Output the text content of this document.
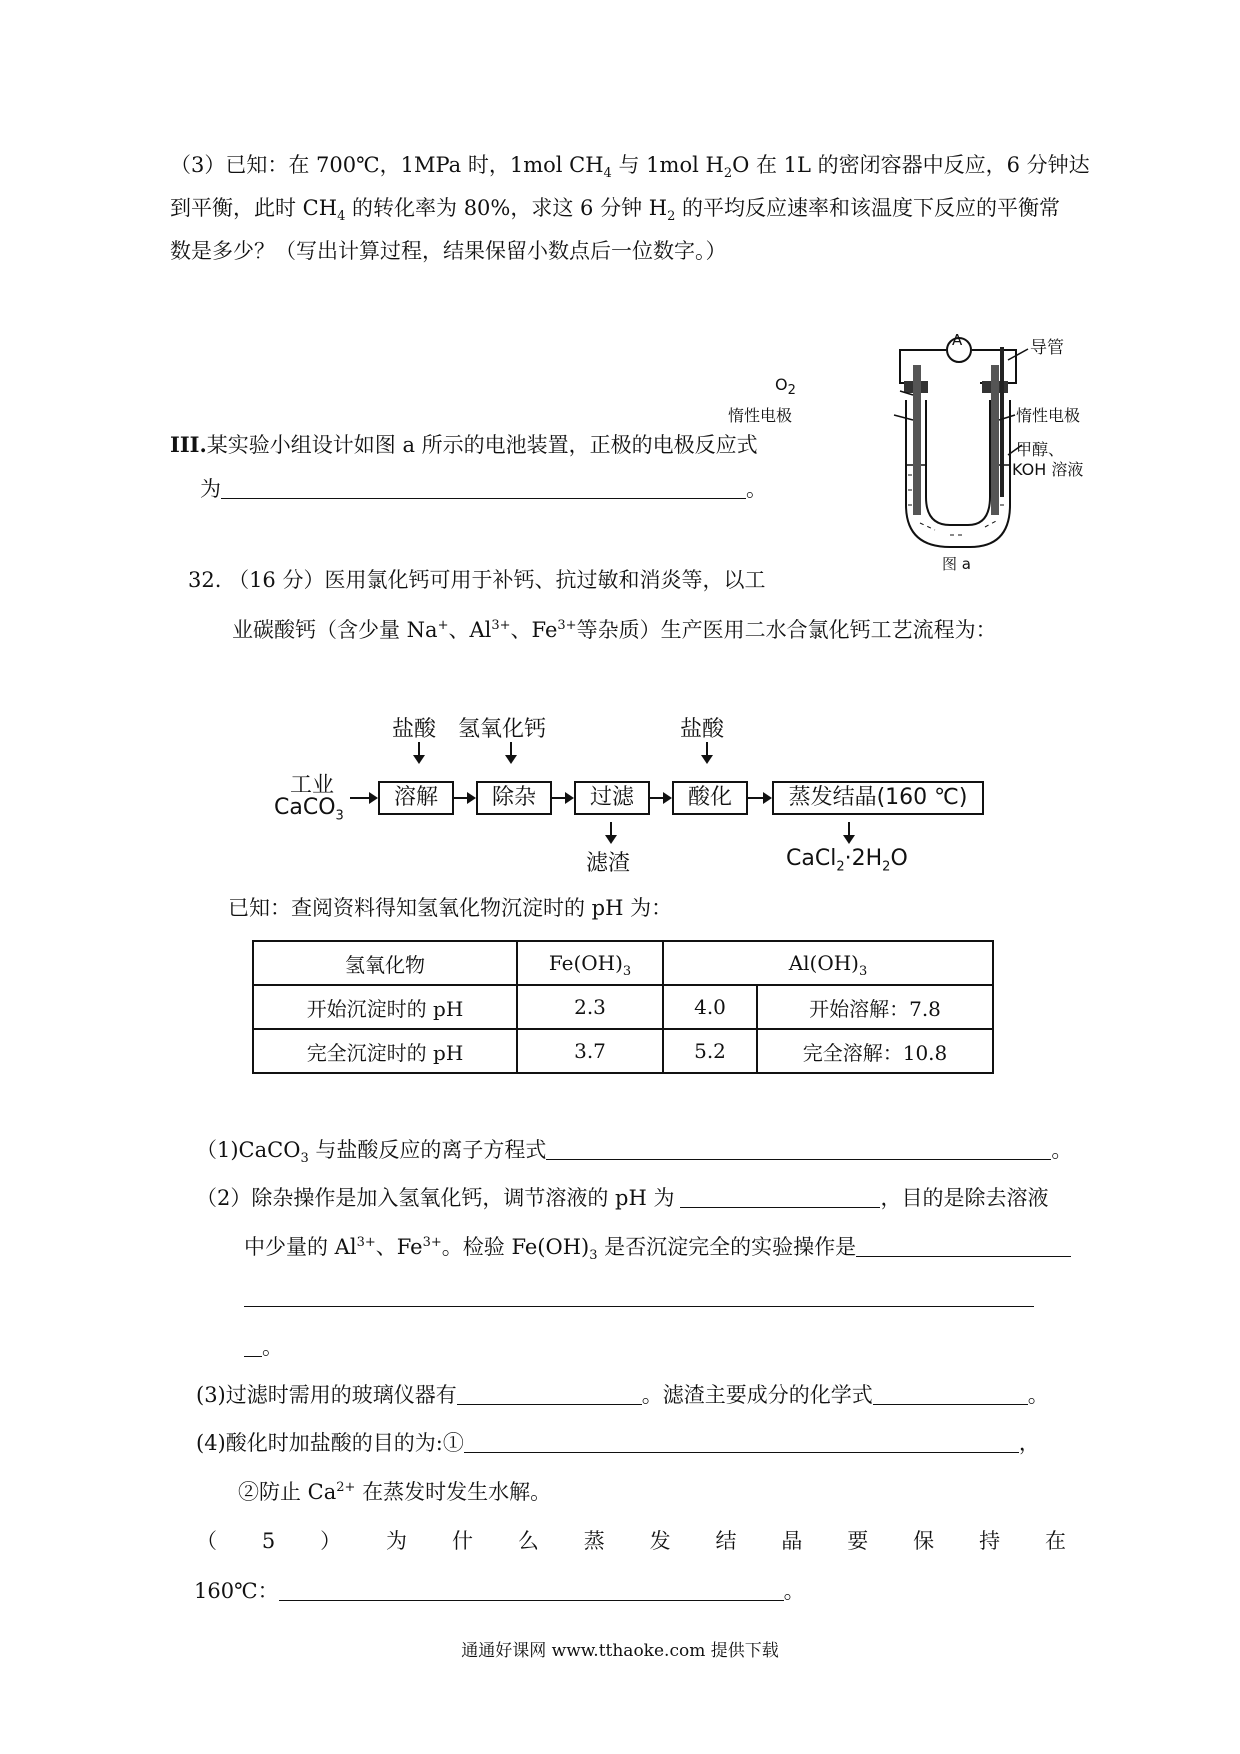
（3）已知：在 700℃，1MPa 时，1mol $CH_4$ 与 1mol $H_2O$ 在 1L 的密闭容器中反应，6 分钟达
到平衡，此时 $CH_4$ 的转化率为 80%，求这 6 分钟 $H_2$ 的平均反应速率和该温度下反应的平衡常
数是多少？（写出计算过程，结果保留小数点后一位数字。）
III.某实验小组设计如图 a 所示的电池装置，正极的电极反应式
为	。
A	导管
$O_2$
惰性电极	惰性电极
甲醇、
KOH 溶液
图 a
32. （16 分）医用氯化钙可用于补钙、抗过敏和消炎等，以工
业碳酸钙（含少量 Na+、$Al^{3+}$、$Fe^{3+}$等杂质）生产医用二水合氯化钙工艺流程为：
盐酸 氢氧化钙	盐酸
工业
CaCO$_3$
溶解	除杂	过滤	酸化	蒸发结晶(160 ℃)
滤渣	$CaCl_2\cdot 2H_2O$
已知：查阅资料得知氢氧化物沉淀时的 pH 为：
氢氧化物	$Fe(OH)_3$	$Al(OH)_3$
开始沉淀时的 pH	2.3	4.0	开始溶解：7.8
完全沉淀时的 pH	3.7	5.2	完全溶解：10.8
（1)CaCO$_3$ 与盐酸反应的离子方程式	。
（2）除杂操作是加入氢氧化钙，调节溶液的 pH 为	，目的是除去溶液
中少量的 $Al^{3+}$、$Fe^{3+}$。检验 $Fe(OH)_3$ 是否沉淀完全的实验操作是
。
(3)过滤时需用的玻璃仪器有	。滤渣主要成分的化学式	。
(4)酸化时加盐酸的目的为:①	，
②防止 $Ca^{2+}$ 在蒸发时发生水解。
（ 5 ） 为 什 么 蒸 发 结 晶 要 保 持 在
160℃：	。
通通好课网 www.tthaoke.com 提供下载
